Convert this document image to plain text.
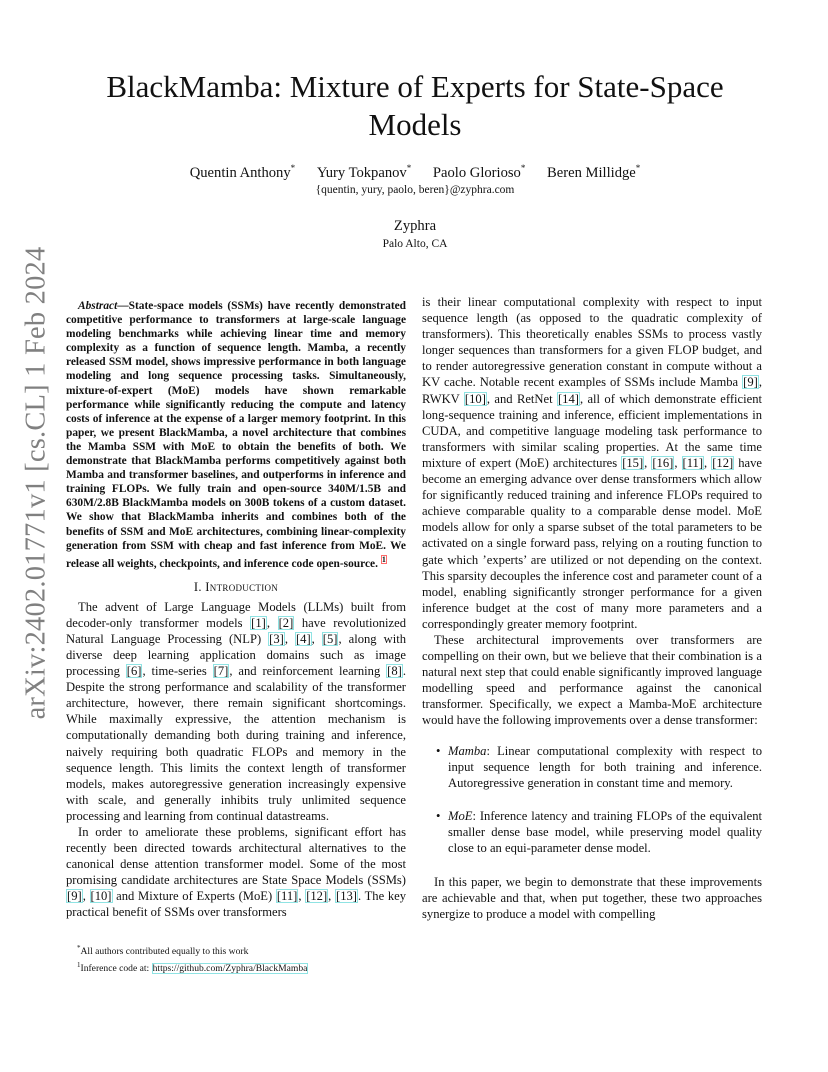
arXiv:2402.01771v1 [cs.CL] 1 Feb 2024
BlackMamba: Mixture of Experts for State-Space Models
Quentin Anthony* Yury Tokpanov* Paolo Glorioso* Beren Millidge*
{quentin, yury, paolo, beren}@zyphra.com
Zyphra
Palo Alto, CA

Abstract—State-space models (SSMs) have recently demonstrated competitive performance to transformers at large-scale language modeling benchmarks while achieving linear time and memory complexity as a function of sequence length. Mamba, a recently released SSM model, shows impressive performance in both language modeling and long sequence processing tasks. Simultaneously, mixture-of-expert (MoE) models have shown remarkable performance while significantly reducing the compute and latency costs of inference at the expense of a larger memory footprint. In this paper, we present BlackMamba, a novel architecture that combines the Mamba SSM with MoE to obtain the benefits of both. We demonstrate that BlackMamba performs competitively against both Mamba and transformer baselines, and outperforms in inference and training FLOPs. We fully train and open-source 340M/1.5B and 630M/2.8B BlackMamba models on 300B tokens of a custom dataset. We show that BlackMamba inherits and combines both of the benefits of SSM and MoE architectures, combining linear-complexity generation from SSM with cheap and fast inference from MoE. We release all weights, checkpoints, and inference code open-source. $^1$

I. Introduction

The advent of Large Language Models (LLMs) built from decoder-only transformer models [1], [2] have revolutionized Natural Language Processing (NLP) [3], [4], [5], along with diverse deep learning application domains such as image processing [6], time-series [7], and reinforcement learning [8]. Despite the strong performance and scalability of the transformer architecture, however, there remain significant shortcomings. While maximally expressive, the attention mechanism is computationally demanding both during training and inference, naively requiring both quadratic FLOPs and memory in the sequence length. This limits the context length of transformer models, makes autoregressive generation increasingly expensive with scale, and generally inhibits truly unlimited sequence processing and learning from continual datastreams.

In order to ameliorate these problems, significant effort has recently been directed towards architectural alternatives to the canonical dense attention transformer model. Some of the most promising candidate architectures are State Space Models (SSMs) [9], [10] and Mixture of Experts (MoE) [11], [12], [13]. The key practical benefit of SSMs over transformers

*All authors contributed equally to this work
$^1$Inference code at: https://github.com/Zyphra/BlackMamba

is their linear computational complexity with respect to input sequence length (as opposed to the quadratic complexity of transformers). This theoretically enables SSMs to process vastly longer sequences than transformers for a given FLOP budget, and to render autoregressive generation constant in compute without a KV cache. Notable recent examples of SSMs include Mamba [9], RWKV [10], and RetNet [14], all of which demonstrate efficient long-sequence training and inference, efficient implementations in CUDA, and competitive language modeling task performance to transformers with similar scaling properties. At the same time mixture of expert (MoE) architectures [15], [16], [11], [12] have become an emerging advance over dense transformers which allow for significantly reduced training and inference FLOPs required to achieve comparable quality to a comparable dense model. MoE models allow for only a sparse subset of the total parameters to be activated on a single forward pass, relying on a routing function to gate which ’experts’ are utilized or not depending on the context. This sparsity decouples the inference cost and parameter count of a model, enabling significantly stronger performance for a given inference budget at the cost of many more parameters and a correspondingly greater memory footprint.

These architectural improvements over transformers are compelling on their own, but we believe that their combination is a natural next step that could enable significantly improved language modelling speed and performance against the canonical transformer. Specifically, we expect a Mamba-MoE architecture would have the following improvements over a dense transformer:

• Mamba: Linear computational complexity with respect to input sequence length for both training and inference. Autoregressive generation in constant time and memory.
• MoE: Inference latency and training FLOPs of the equivalent smaller dense base model, while preserving model quality close to an equi-parameter dense model.

In this paper, we begin to demonstrate that these improvements are achievable and that, when put together, these two approaches synergize to produce a model with compelling
